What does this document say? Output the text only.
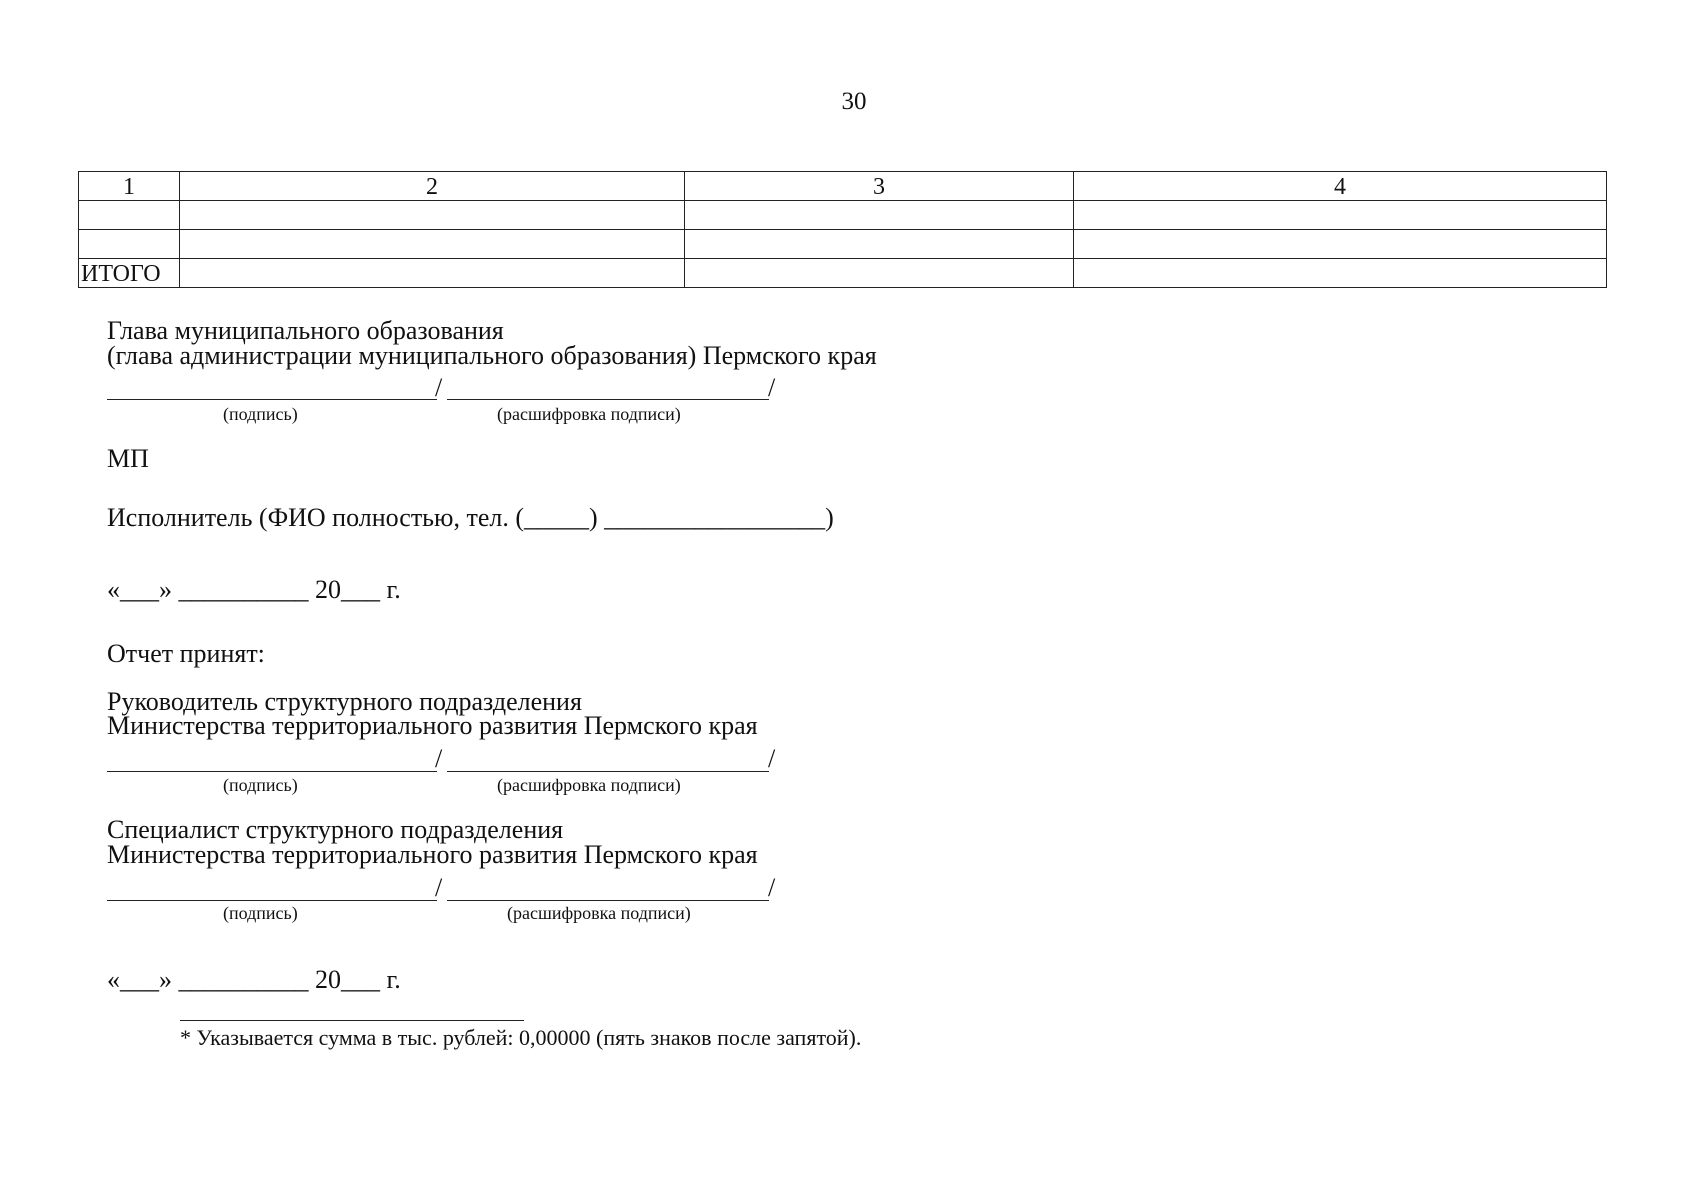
30
1	2	3	4

ИТОГО			
Глава муниципального образования
(глава администрации муниципального образования) Пермского края
/	/
(подпись)	(расшифровка подписи)
МП
Исполнитель (ФИО полностью, тел. (_____) _________________)
«___» __________ 20___ г.
Отчет принят:
Руководитель структурного подразделения
Министерства территориального развития Пермского края
/	/
(подпись)	(расшифровка подписи)
Специалист структурного подразделения
Министерства территориального развития Пермского края
/	/
(подпись)	(расшифровка подписи)
«___» __________ 20___ г.
* Указывается сумма в тыс. рублей: 0,00000 (пять знаков после запятой).
